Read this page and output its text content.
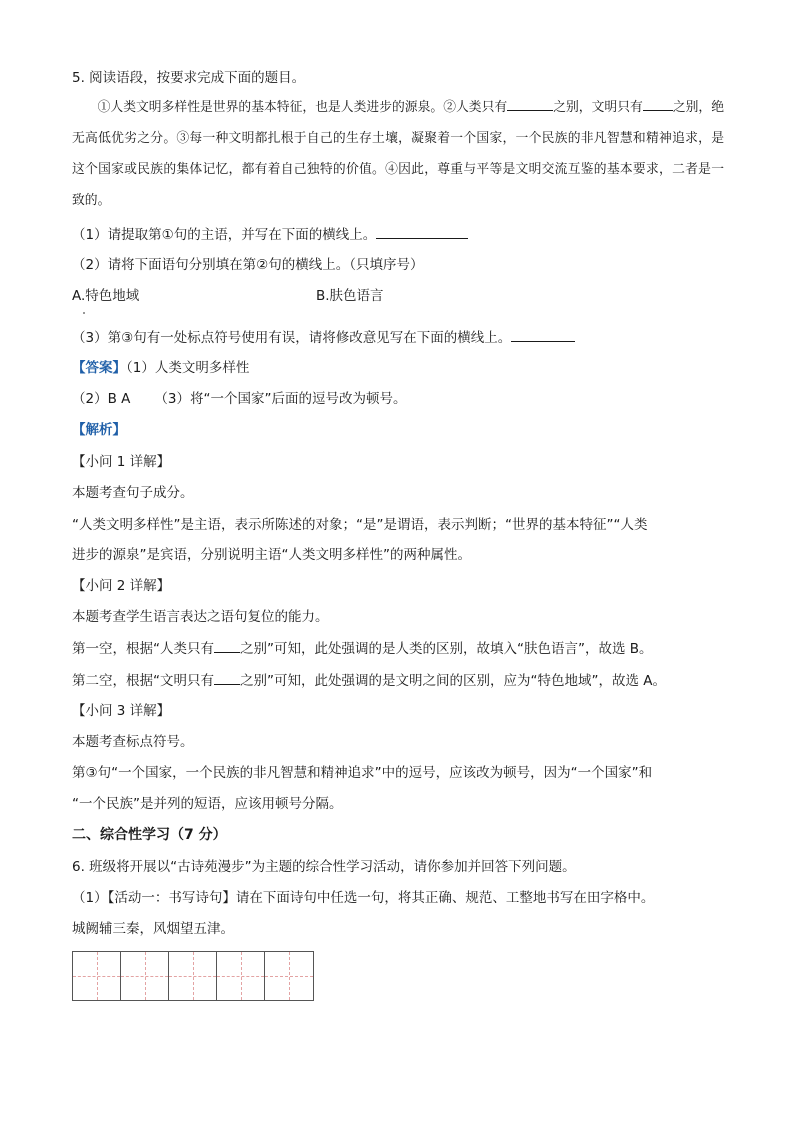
5. 阅读语段，按要求完成下面的题目。

①人类文明多样性是世界的基本特征，也是人类进步的源泉。②人类只有	之别，文明只有 之别，绝无高低优劣之分。③每一种文明都扎根于自己的生存土壤，凝聚着一个国家，一个民族的非凡智慧和精神追求，是这个国家或民族的集体记忆，都有着自己独特的价值。④因此，尊重与平等是文明交流互鉴的基本要求，二者是一致的。

（1）请提取第①句的主语，并写在下面的横线上。
（2）请将下面语句分别填在第②句的横线上。（只填序号）
A.特色地域	B.肤色语言
（3）第③句有一处标点符号使用有误，请将修改意见写在下面的横线上。
【答案】（1）人类文明多样性
（2）B A （3）将“一个国家”后面的逗号改为顿号。
【解析】
【小问 1 详解】
本题考查句子成分。
“人类文明多样性”是主语，表示所陈述的对象；“是”是谓语，表示判断；“世界的基本特征”“人类
进步的源泉”是宾语，分别说明主语“人类文明多样性”的两种属性。
【小问 2 详解】
本题考查学生语言表达之语句复位的能力。
第一空，根据“人类只有 之别”可知，此处强调的是人类的区别，故填入“肤色语言”，故选 B。
第二空，根据“文明只有 之别”可知，此处强调的是文明之间的区别，应为“特色地域”，故选 A。
【小问 3 详解】
本题考查标点符号。
第③句“一个国家，一个民族的非凡智慧和精神追求”中的逗号，应该改为顿号，因为“一个国家”和
“一个民族”是并列的短语，应该用顿号分隔。
二、综合性学习（7 分）
6. 班级将开展以“古诗苑漫步”为主题的综合性学习活动，请你参加并回答下列问题。
（1）【活动一：书写诗句】请在下面诗句中任选一句，将其正确、规范、工整地书写在田字格中。
城阙辅三秦，风烟望五津。
